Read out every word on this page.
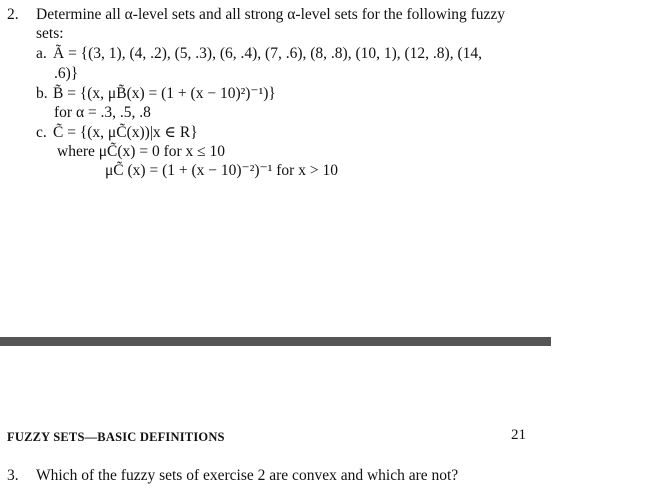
2. Determine all α-level sets and all strong α-level sets for the following fuzzy
sets:
a. Ã = {(3, 1), (4, .2), (5, .3), (6, .4), (7, .6), (8, .8), (10, 1), (12, .8), (14,
.6)}
b. B̃ = {(x, μB̃(x) = (1 + (x − 10)²)⁻¹)}
for α = .3, .5, .8
c. C̃ = {(x, μC̃(x))|x ∈ R}
where μC̃(x) = 0 for x ≤ 10
μC̃ (x) = (1 + (x − 10)⁻²)⁻¹ for x > 10
FUZZY SETS—BASIC DEFINITIONS	21
3. Which of the fuzzy sets of exercise 2 are convex and which are not?
